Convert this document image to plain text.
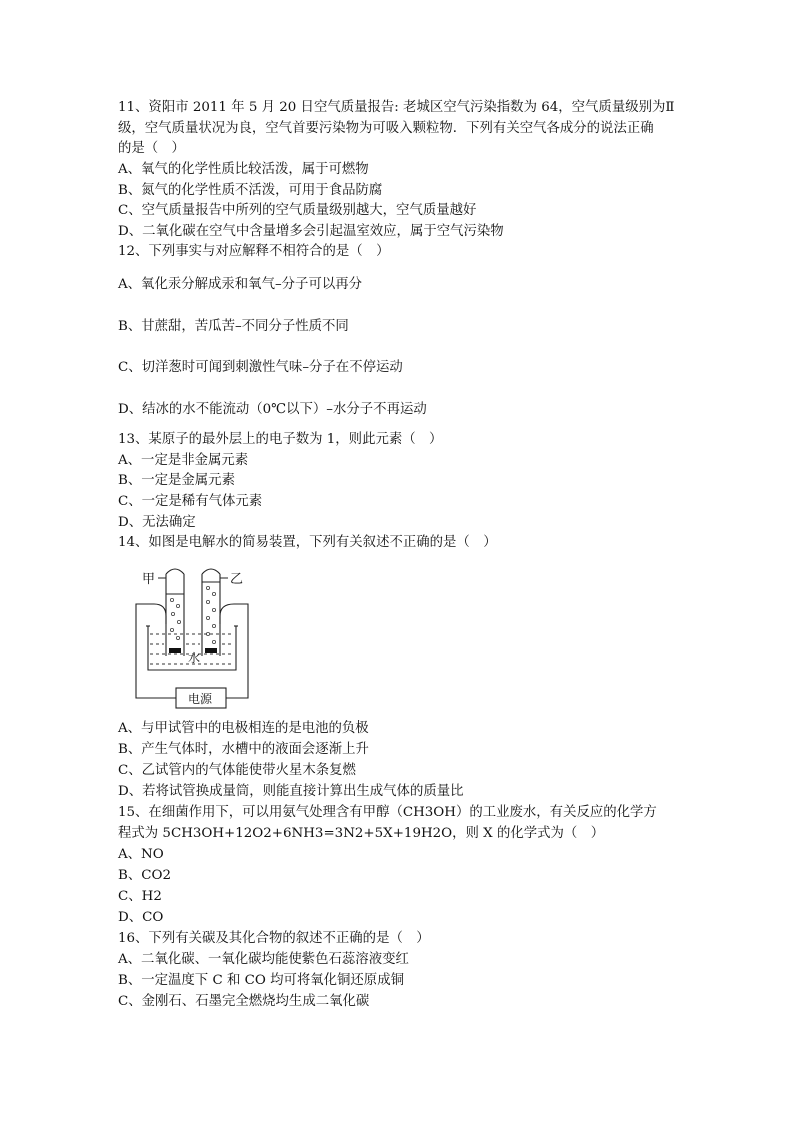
11、资阳市 2011 年 5 月 20 日空气质量报告: 老城区空气污染指数为 64，空气质量级别为Ⅱ
级，空气质量状况为良，空气首要污染物为可吸入颗粒物．下列有关空气各成分的说法正确
的是（　）
A、氧气的化学性质比较活泼，属于可燃物
B、氮气的化学性质不活泼，可用于食品防腐
C、空气质量报告中所列的空气质量级别越大，空气质量越好
D、二氧化碳在空气中含量增多会引起温室效应，属于空气污染物
12、下列事实与对应解释不相符合的是（　）
A、氧化汞分解成汞和氧气–分子可以再分
B、甘蔗甜，苦瓜苦–不同分子性质不同
C、切洋葱时可闻到刺激性气味–分子在不停运动
D、结冰的水不能流动（0℃以下）–水分子不再运动
13、某原子的最外层上的电子数为 1，则此元素（　）
A、一定是非金属元素
B、一定是金属元素
C、一定是稀有气体元素
D、无法确定
14、如图是电解水的简易装置，下列有关叙述不正确的是（　）
甲	乙
水
电源
A、与甲试管中的电极相连的是电池的负极
B、产生气体时，水槽中的液面会逐渐上升
C、乙试管内的气体能使带火星木条复燃
D、若将试管换成量筒，则能直接计算出生成气体的质量比
15、在细菌作用下，可以用氨气处理含有甲醇（CH3OH）的工业废水，有关反应的化学方
程式为 5CH3OH+12O2+6NH3=3N2+5X+19H2O，则 X 的化学式为（　）
A、NO
B、CO2
C、H2
D、CO
16、下列有关碳及其化合物的叙述不正确的是（　）
A、二氧化碳、一氧化碳均能使紫色石蕊溶液变红
B、一定温度下 C 和 CO 均可将氧化铜还原成铜
C、金刚石、石墨完全燃烧均生成二氧化碳
